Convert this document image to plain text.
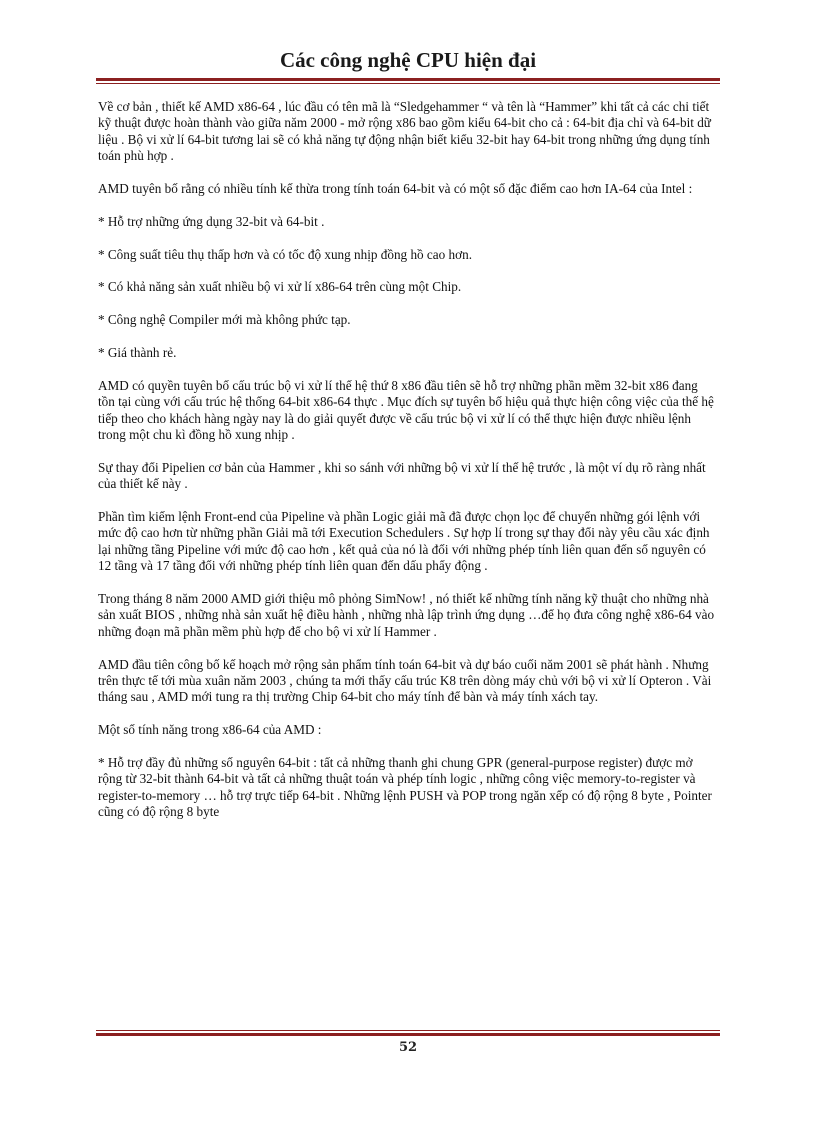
Các công nghệ CPU hiện đại

Về cơ bản , thiết kế AMD x86-64 , lúc đầu có tên mã là “Sledgehammer “ và tên là “Hammer” khi tất cả các chi tiết kỹ thuật được hoàn thành vào giữa năm 2000 - mở rộng x86 bao gồm kiểu 64-bit cho cả : 64-bit địa chỉ và 64-bit dữ liệu . Bộ vi xử lí 64-bit tương lai sẽ có khả năng tự động nhận biết kiểu 32-bit hay 64-bit trong những ứng dụng tính toán phù hợp .

AMD tuyên bố rằng có nhiều tính kế thừa trong tính toán 64-bit và có một số đặc điểm cao hơn IA-64 của Intel :

* Hỗ trợ những ứng dụng 32-bit và 64-bit .

* Công suất tiêu thụ thấp hơn và có tốc độ xung nhịp đồng hồ cao hơn.

* Có khả năng sản xuất nhiều bộ vi xử lí x86-64 trên cùng một Chip.

* Công nghệ Compiler mới mà không phức tạp.

* Giá thành rẻ.

AMD có quyền tuyên bố cấu trúc bộ vi xử lí thế hệ thứ 8 x86 đầu tiên sẽ hỗ trợ những phần mềm 32-bit x86 đang tồn tại cùng với cấu trúc hệ thống 64-bit x86-64 thực . Mục đích sự tuyên bố hiệu quả thực hiện công việc của thế hệ tiếp theo cho khách hàng ngày nay là do giải quyết được về cấu trúc bộ vi xử lí có thể thực hiện được nhiều lệnh trong một chu kì đồng hồ xung nhịp .

Sự thay đổi Pipelien cơ bản của Hammer , khi so sánh với những bộ vi xử lí thế hệ trước , là một ví dụ rõ ràng nhất của thiết kế này .

Phần tìm kiếm lệnh Front-end của Pipeline và phần Logic giải mã đã được chọn lọc để chuyển những gói lệnh với mức độ cao hơn từ những phần Giải mã tới Execution Schedulers . Sự hợp lí trong sự thay đổi này yêu cầu xác định lại những tầng Pipeline với mức độ cao hơn , kết quả của nó là đối với những phép tính liên quan đến số nguyên có 12 tầng và 17 tầng đối với những phép tính liên quan đến dấu phẩy động .

Trong tháng 8 năm 2000 AMD giới thiệu mô phỏng SimNow! , nó thiết kế những tính năng kỹ thuật cho những nhà sản xuất BIOS , những nhà sản xuất hệ điều hành , những nhà lập trình ứng dụng …để họ đưa công nghệ x86-64 vào những đoạn mã phần mềm phù hợp để cho bộ vi xử lí Hammer .

AMD đầu tiên công bố kế hoạch mở rộng sản phẩm tính toán 64-bit và dự báo cuối năm 2001 sẽ phát hành . Nhưng trên thực tế tới mùa xuân năm 2003 , chúng ta mới thấy cấu trúc K8 trên dòng máy chủ với bộ vi xử lí Opteron . Vài tháng sau , AMD mới tung ra thị trường Chip 64-bit cho máy tính để bàn và máy tính xách tay.

Một số tính năng trong x86-64 của AMD :

* Hỗ trợ đầy đủ những số nguyên 64-bit : tất cả những thanh ghi chung GPR (general-purpose register) được mở rộng từ 32-bit thành 64-bit và tất cả những thuật toán và phép tính logic , những công việc memory-to-register và register-to-memory … hỗ trợ trực tiếp 64-bit . Những lệnh PUSH và POP trong ngăn xếp có độ rộng 8 byte , Pointer cũng có độ rộng 8 byte

52
